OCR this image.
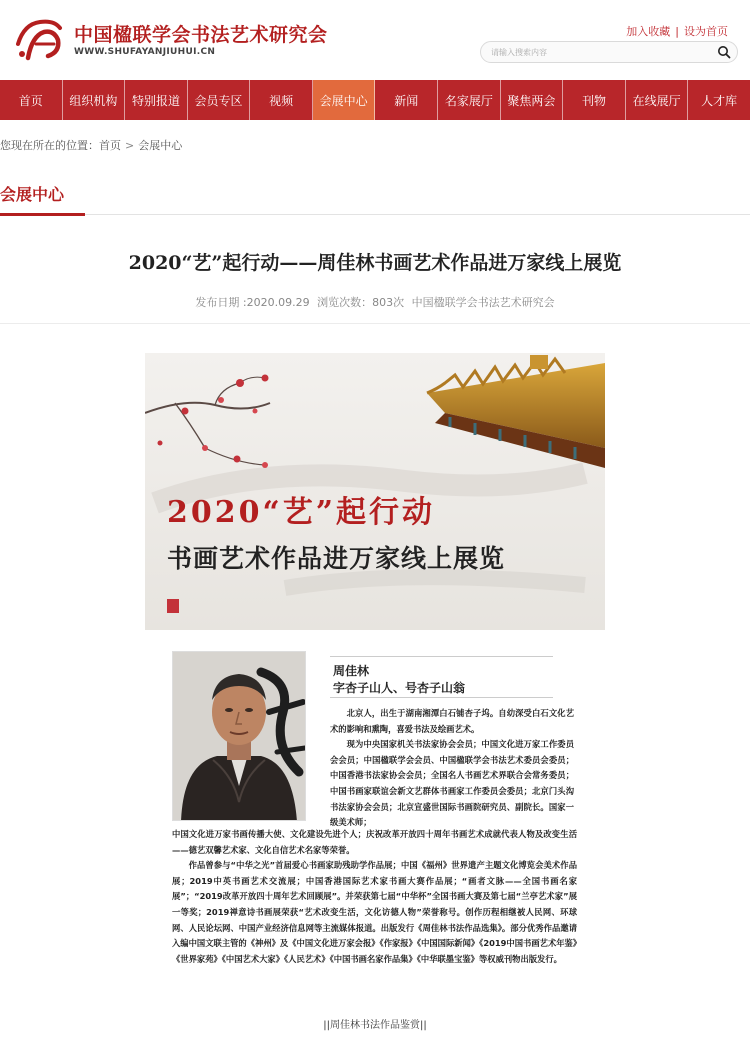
中国楹联学会书法艺术研究会
WWW.SHUFAYANJIUHUI.CN
加入收藏 | 设为首页
请输入搜索内容
首页	组织机构	特别报道	会员专区	视频	会展中心	新闻	名家展厅	聚焦两会	刊物	在线展厅	人才库
您现在所在的位置：首页 > 会展中心
会展中心
2020“艺”起行动——周佳林书画艺术作品进万家线上展览
发布日期 :2020.09.29 浏览次数：803次 中国楹联学会书法艺术研究会
2020“艺”起行动
书画艺术作品进万家线上展览
周佳林
字杏子山人、号杏子山翁

北京人，出生于湖南湘潭白石铺杏子坞。自幼深受白石文化艺术的影响和熏陶，喜爱书法及绘画艺术。

现为中央国家机关书法家协会会员；中国文化进万家工作委员会会员；中国楹联学会会员、中国楹联学会书法艺术委员会委员；中国香港书法家协会会员；全国名人书画艺术界联合会常务委员；中国书画家联谊会新文艺群体书画家工作委员会委员；北京门头沟书法家协会会员；北京宣盛世国际书画院研究员、副院长。国家一级美术师；

中国文化进万家书画传播大使、文化建设先进个人；庆祝改革开放四十周年书画艺术成就代表人物及改变生活——德艺双馨艺术家、文化自信艺术名家等荣誉。

作品曾参与“中华之光”首届爱心书画家助残助学作品展；中国《福州》世界遗产主题文化博览会美术作品展；2019中英书画艺术交流展；中国香港国际艺术家书画大赛作品展；“画者文脉——全国书画名家展”；“2019改革开放四十周年艺术回顾展”。并荣获第七届“中华杯”全国书画大赛及第七届“兰亭艺术家”展一等奖；2019禅意诗书画展荣获“艺术改变生活，文化访德人物”荣誉称号。创作历程相继被人民网、环球网、人民论坛网、中国产业经济信息网等主流媒体报道。出版发行《周佳林书法作品选集》。部分优秀作品邀请入编中国文联主管的《神州》及《中国文化进万家会报》《作家报》《中国国际新闻》《2019中国书画艺术年鉴》《世界家苑》《中国艺术大家》《人民艺术》《中国书画名家作品集》《中华联墨宝鉴》等权威刊物出版发行。

||周佳林书法作品鉴赏||
